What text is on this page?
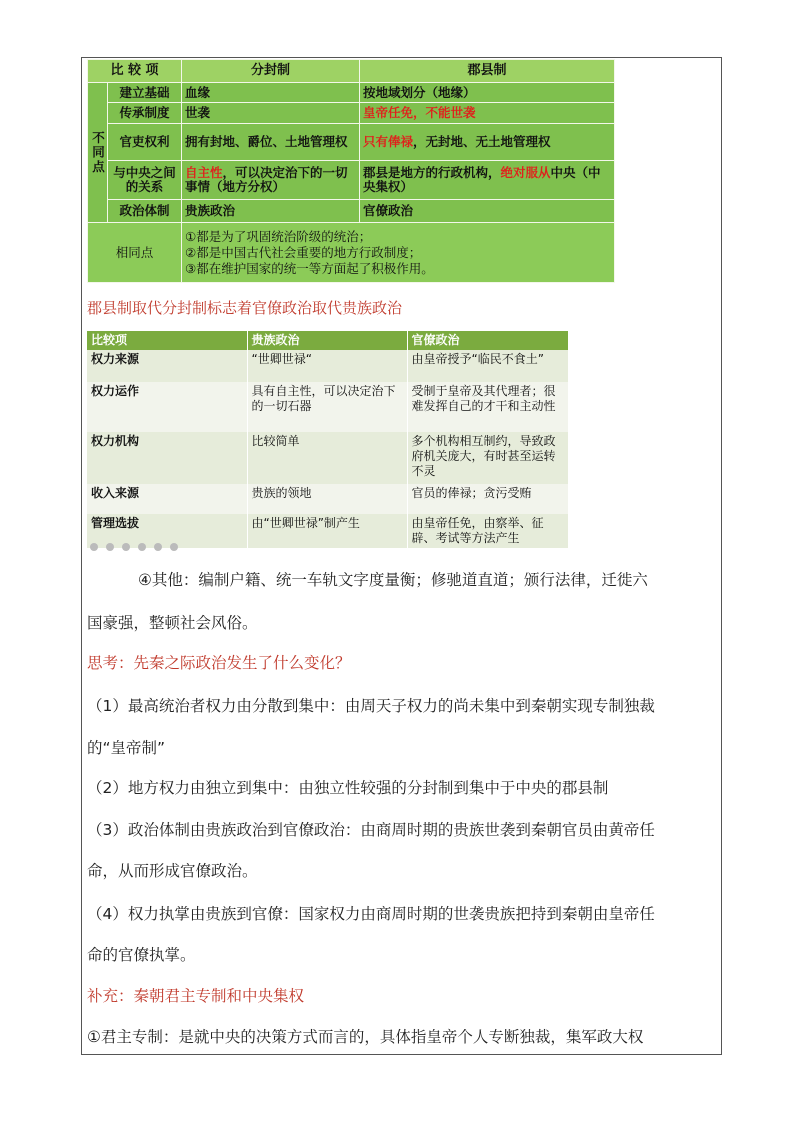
比 较 项		分封制	郡县制
不同点	建立基础	血缘	按地域划分（地缘）
	传承制度	世袭	皇帝任免，不能世袭
	官吏权利	拥有封地、爵位、土地管理权	只有俸禄，无封地、无土地管理权
	与中央之间的关系	自主性，可以决定治下的一切事情（地方分权）	郡县是地方的行政机构，绝对服从中央（中央集权）
	政治体制	贵族政治	官僚政治
相同点		①都是为了巩固统治阶级的统治；
②都是中国古代社会重要的地方行政制度；
③都在维护国家的统一等方面起了积极作用。	
郡县制取代分封制标志着官僚政治取代贵族政治
比较项	贵族政治	官僚政治
权力来源	“世卿世禄“	由皇帝授予“临民不食土”
权力运作	具有自主性，可以决定治下的一切石器	受制于皇帝及其代理者；很难发挥自己的才干和主动性
权力机构	比较简单	多个机构相互制约，导致政府机关庞大，有时甚至运转不灵
收入来源	贵族的领地	官员的俸禄；贪污受贿
管理选拔	由“世卿世禄”制产生	由皇帝任免，由察举、征辟、考试等方法产生
④其他：编制户籍、统一车轨文字度量衡；修驰道直道；颁行法律，迁徙六
国豪强，整顿社会风俗。
思考：先秦之际政治发生了什么变化？
（1）最高统治者权力由分散到集中：由周天子权力的尚未集中到秦朝实现专制独裁
的“皇帝制”
（2）地方权力由独立到集中：由独立性较强的分封制到集中于中央的郡县制
（3）政治体制由贵族政治到官僚政治：由商周时期的贵族世袭到秦朝官员由黄帝任
命，从而形成官僚政治。
（4）权力执掌由贵族到官僚：国家权力由商周时期的世袭贵族把持到秦朝由皇帝任
命的官僚执掌。
补充：秦朝君主专制和中央集权
①君主专制：是就中央的决策方式而言的，具体指皇帝个人专断独裁，集军政大权
